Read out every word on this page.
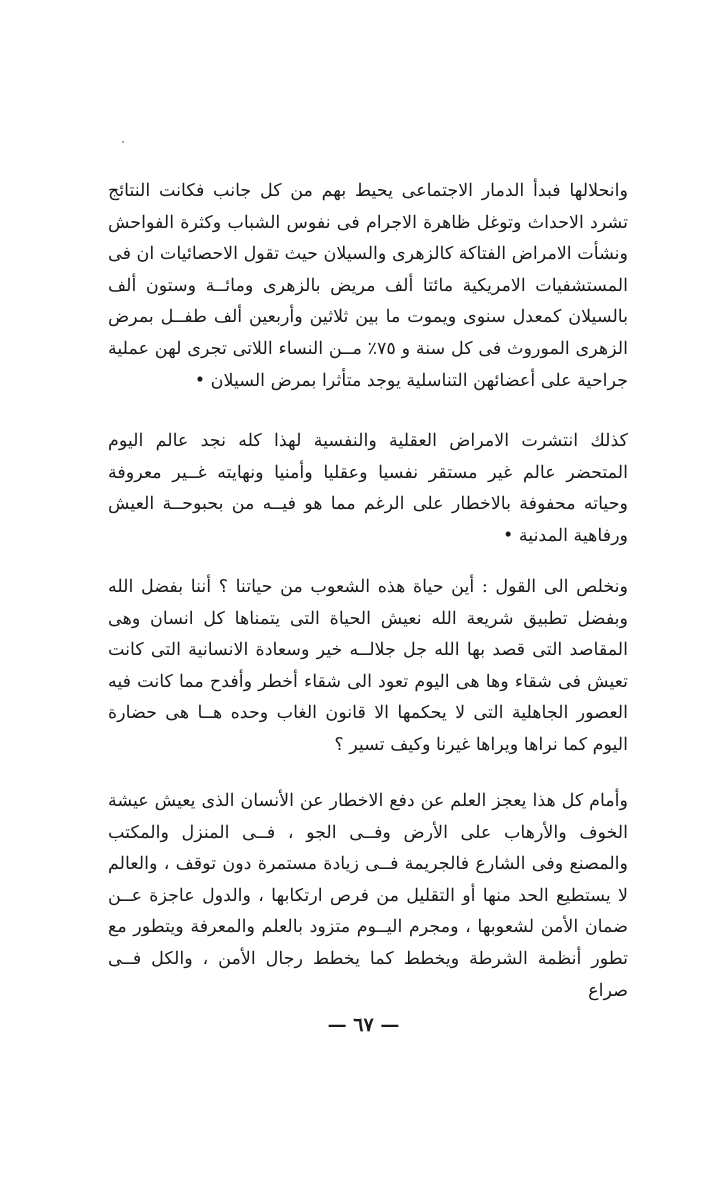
وانحلالها فبدأ الدمار الاجتماعى يحيط بهم من كل جانب فكانت النتائج تشرد الاحداث وتوغل ظاهرة الاجرام فى نفوس الشباب وكثرة الفواحش ونشأت الامراض الفتاكة كالزهرى والسيلان حيث تقول الاحصائيات ان فى المستشفيات الامريكية مائتا ألف مريض بالزهرى ومائــة وستون ألف بالسيلان كمعدل سنوى ويموت ما بين ثلاثين وأربعين ألف طفــل بمرض الزهرى الموروث فى كل سنة و ٧٥٪ مــن النساء اللاتى تجرى لهن عملية جراحية على أعضائهن التناسلية يوجد متأثرا بمرض السيلان •

كذلك انتشرت الامراض العقلية والنفسية لهذا كله نجد عالم اليوم المتحضر عالم غير مستقر نفسيا وعقليا وأمنيا ونهايته غــير معروفة وحياته محفوفة بالاخطار على الرغم مما هو فيــه من بحبوحــة العيش ورفاهية المدنية •

ونخلص الى القول : أين حياة هذه الشعوب من حياتنا ؟ أننا بفضل الله وبفضل تطبيق شريعة الله نعيش الحياة التى يتمناها كل انسان وهى المقاصد التى قصد بها الله جل جلالــه خير وسعادة الانسانية التى كانت تعيش فى شقاء وها هى اليوم تعود الى شقاء أخطر وأفدح مما كانت فيه العصور الجاهلية التى لا يحكمها الا قانون الغاب وحده هــا هى حضارة اليوم كما نراها ويراها غيرنا وكيف تسير ؟

وأمام كل هذا يعجز العلم عن دفع الاخطار عن الأنسان الذى يعيش عيشة الخوف والأرهاب على الأرض وفــى الجو ، فــى المنزل والمكتب والمصنع وفى الشارع فالجريمة فــى زيادة مستمرة دون توقف ، والعالم لا يستطيع الحد منها أو التقليل من فرص ارتكابها ، والدول عاجزة عــن ضمان الأمن لشعوبها ، ومجرم اليــوم متزود بالعلم والمعرفة ويتطور مع تطور أنظمة الشرطة ويخطط كما يخطط رجال الأمن ، والكل فــى صراع

— ٦٧ —
